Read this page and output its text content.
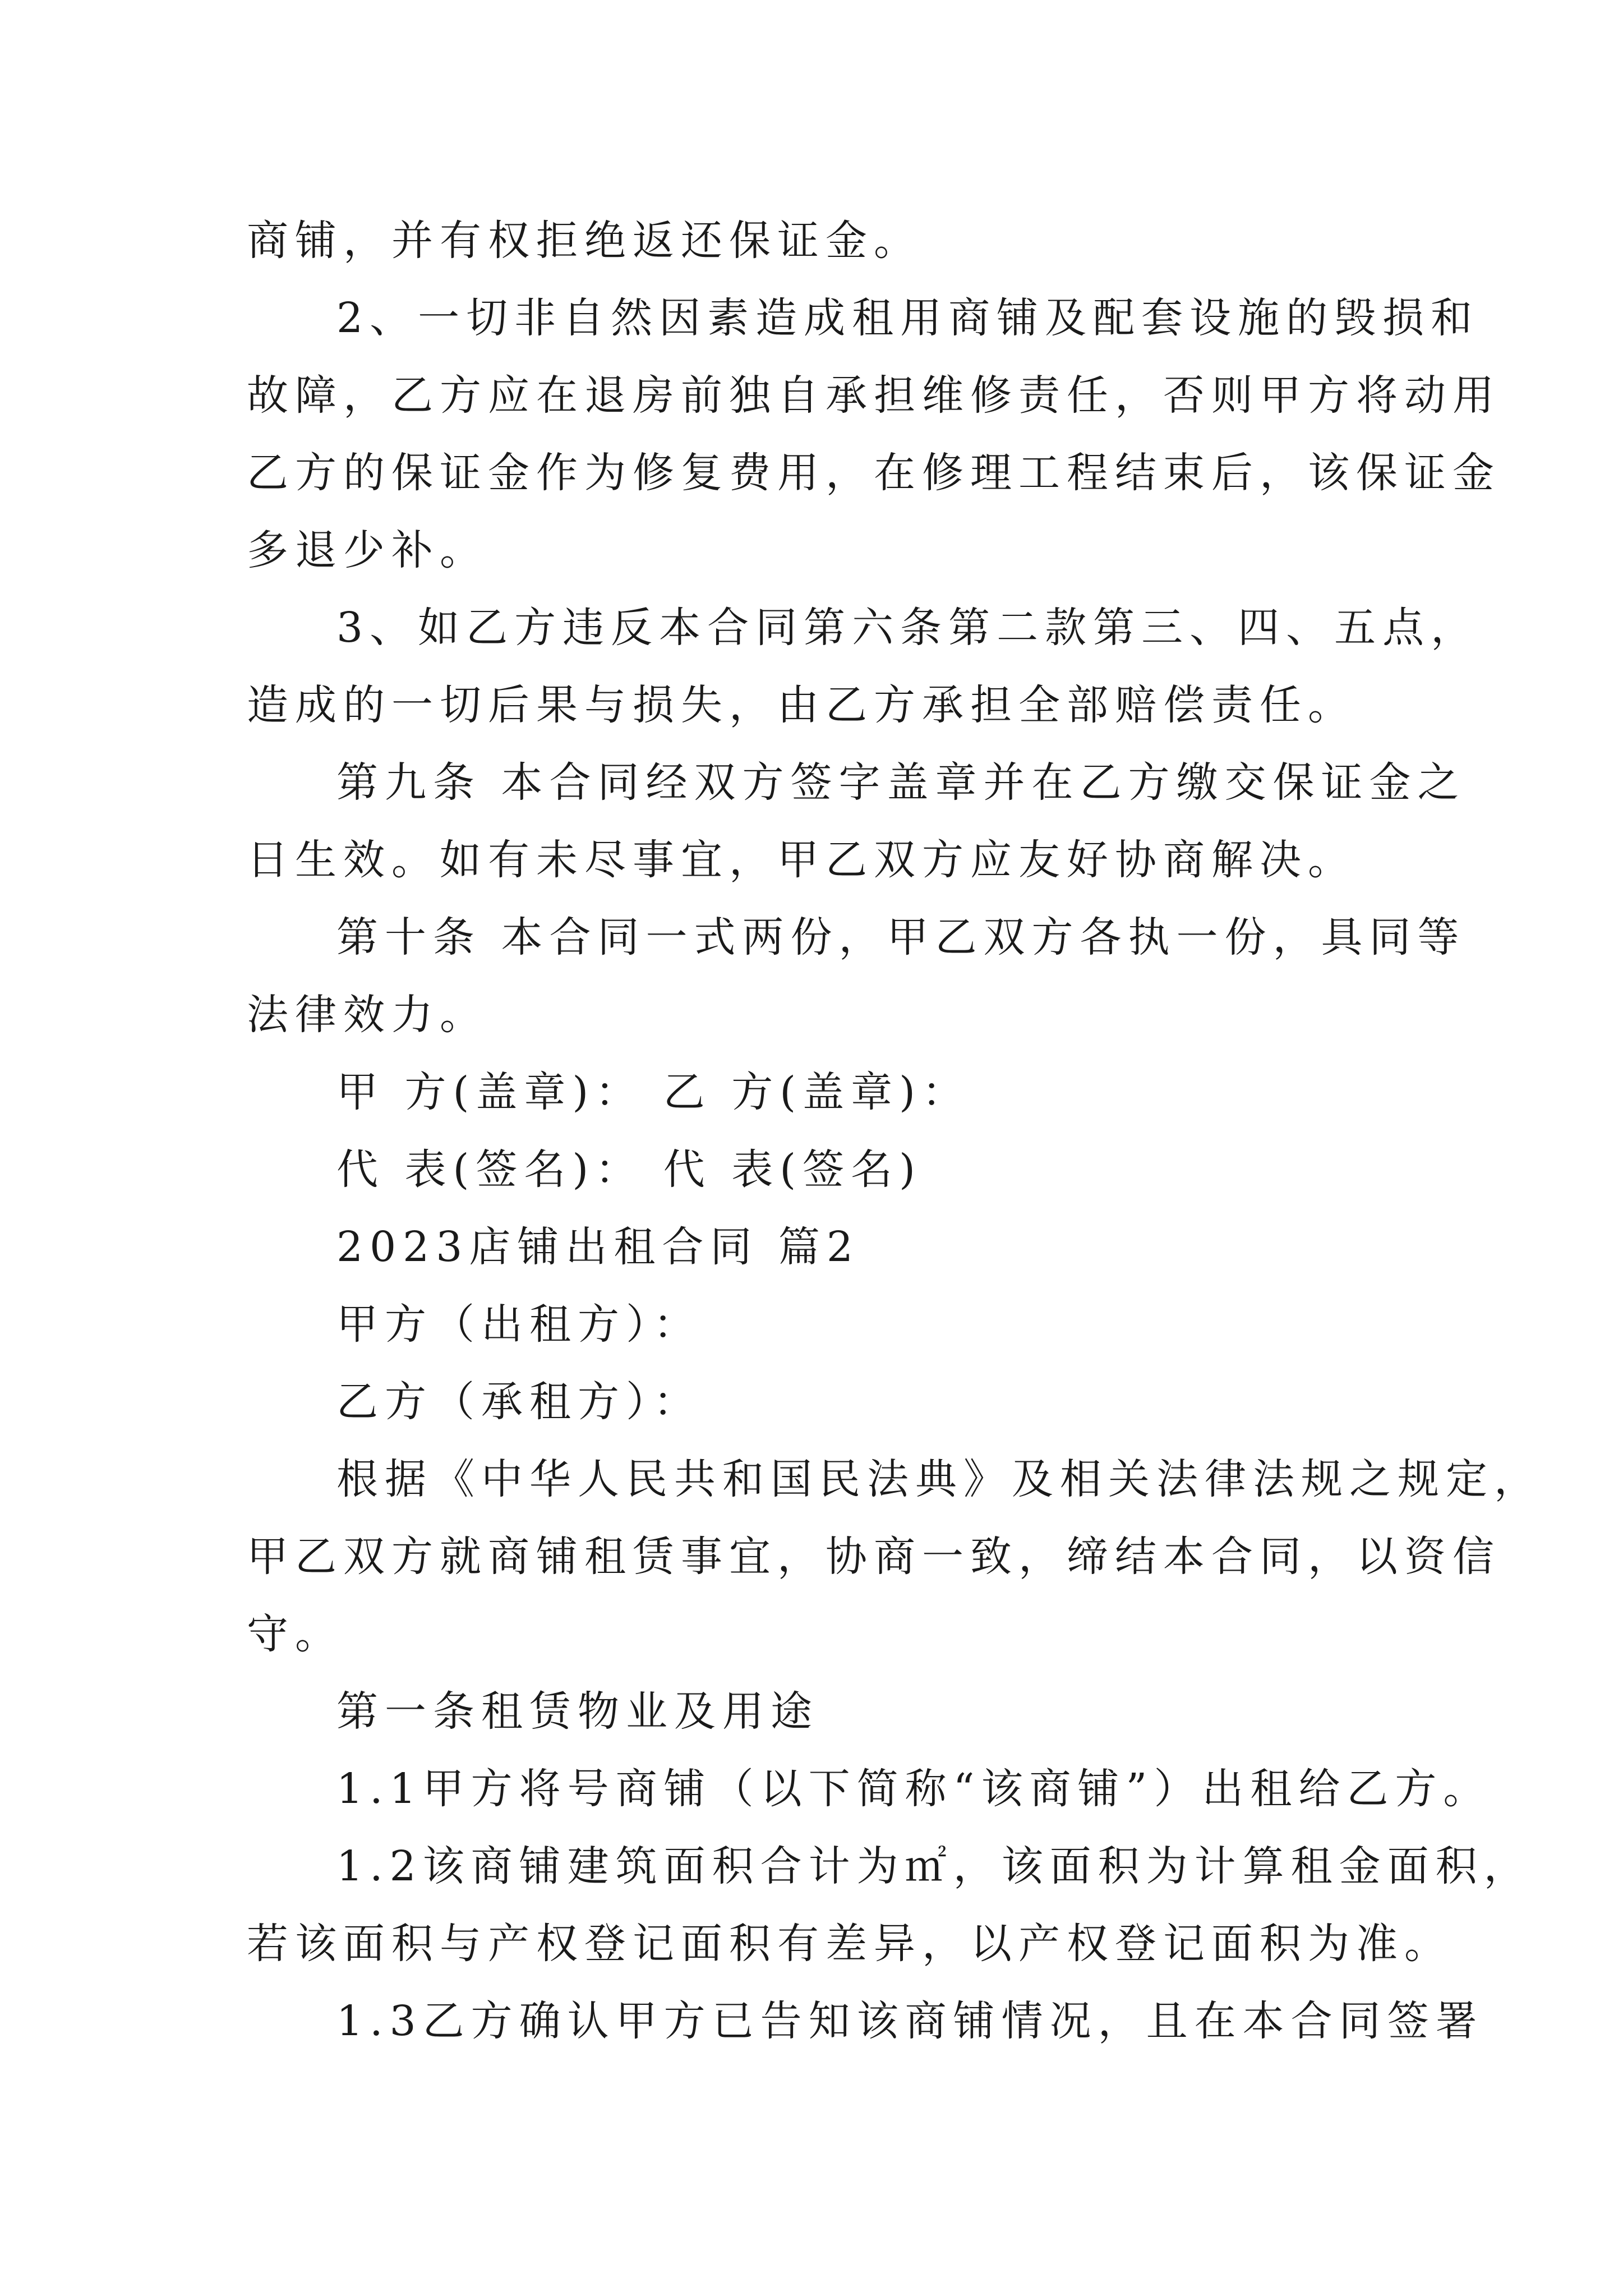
商铺，并有权拒绝返还保证金。
2、一切非自然因素造成租用商铺及配套设施的毁损和
故障，乙方应在退房前独自承担维修责任，否则甲方将动用
乙方的保证金作为修复费用，在修理工程结束后，该保证金
多退少补。
3、如乙方违反本合同第六条第二款第三、四、五点，
造成的一切后果与损失，由乙方承担全部赔偿责任。
第九条 本合同经双方签字盖章并在乙方缴交保证金之
日生效。如有未尽事宜，甲乙双方应友好协商解决。
第十条 本合同一式两份，甲乙双方各执一份，具同等
法律效力。
甲 方(盖章)： 乙 方(盖章)：
代 表(签名)： 代 表(签名)
2023店铺出租合同 篇2
甲方（出租方）：
乙方（承租方）：
根据《中华人民共和国民法典》及相关法律法规之规定，
甲乙双方就商铺租赁事宜，协商一致，缔结本合同，以资信
守。
第一条租赁物业及用途
1.1甲方将号商铺（以下简称“该商铺”）出租给乙方。
1.2该商铺建筑面积合计为㎡，该面积为计算租金面积，
若该面积与产权登记面积有差异，以产权登记面积为准。
1.3乙方确认甲方已告知该商铺情况，且在本合同签署
